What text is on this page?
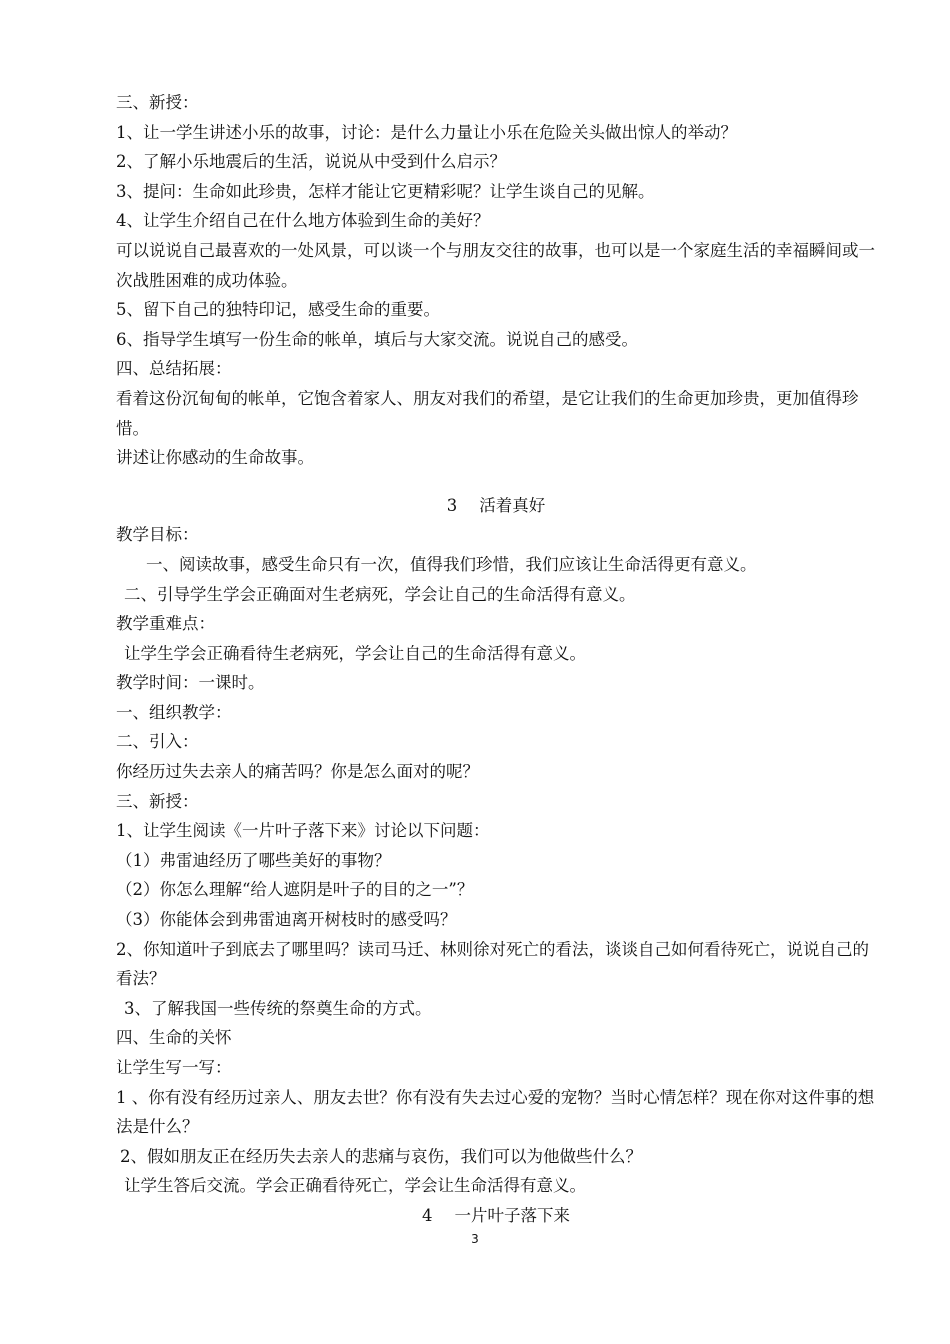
三、新授：
1、让一学生讲述小乐的故事，讨论：是什么力量让小乐在危险关头做出惊人的举动？
2、了解小乐地震后的生活，说说从中受到什么启示？
3、提问：生命如此珍贵，怎样才能让它更精彩呢？让学生谈自己的见解。
4、让学生介绍自己在什么地方体验到生命的美好？
可以说说自己最喜欢的一处风景，可以谈一个与朋友交往的故事，也可以是一个家庭生活的幸福瞬间或一次战胜困难的成功体验。
5、留下自己的独特印记，感受生命的重要。
6、指导学生填写一份生命的帐单，填后与大家交流。说说自己的感受。
四、总结拓展：
看着这份沉甸甸的帐单，它饱含着家人、朋友对我们的希望，是它让我们的生命更加珍贵，更加值得珍惜。
讲述让你感动的生命故事。
3 活着真好
教学目标：
一、阅读故事，感受生命只有一次，值得我们珍惜，我们应该让生命活得更有意义。
二、引导学生学会正确面对生老病死，学会让自己的生命活得有意义。
教学重难点：
让学生学会正确看待生老病死，学会让自己的生命活得有意义。
教学时间：一课时。
一、组织教学：
二、引入：
你经历过失去亲人的痛苦吗？你是怎么面对的呢？
三、新授：
1、让学生阅读《一片叶子落下来》讨论以下问题：
（1）弗雷迪经历了哪些美好的事物？
（2）你怎么理解“给人遮阴是叶子的目的之一”？
（3）你能体会到弗雷迪离开树枝时的感受吗？
2、你知道叶子到底去了哪里吗？读司马迁、林则徐对死亡的看法，谈谈自己如何看待死亡，说说自己的看法？
3、了解我国一些传统的祭奠生命的方式。
四、生命的关怀
让学生写一写：
1 、你有没有经历过亲人、朋友去世？你有没有失去过心爱的宠物？当时心情怎样？现在你对这件事的想法是什么？
2、假如朋友正在经历失去亲人的悲痛与哀伤，我们可以为他做些什么？
让学生答后交流。学会正确看待死亡，学会让生命活得有意义。
4 一片叶子落下来
3
